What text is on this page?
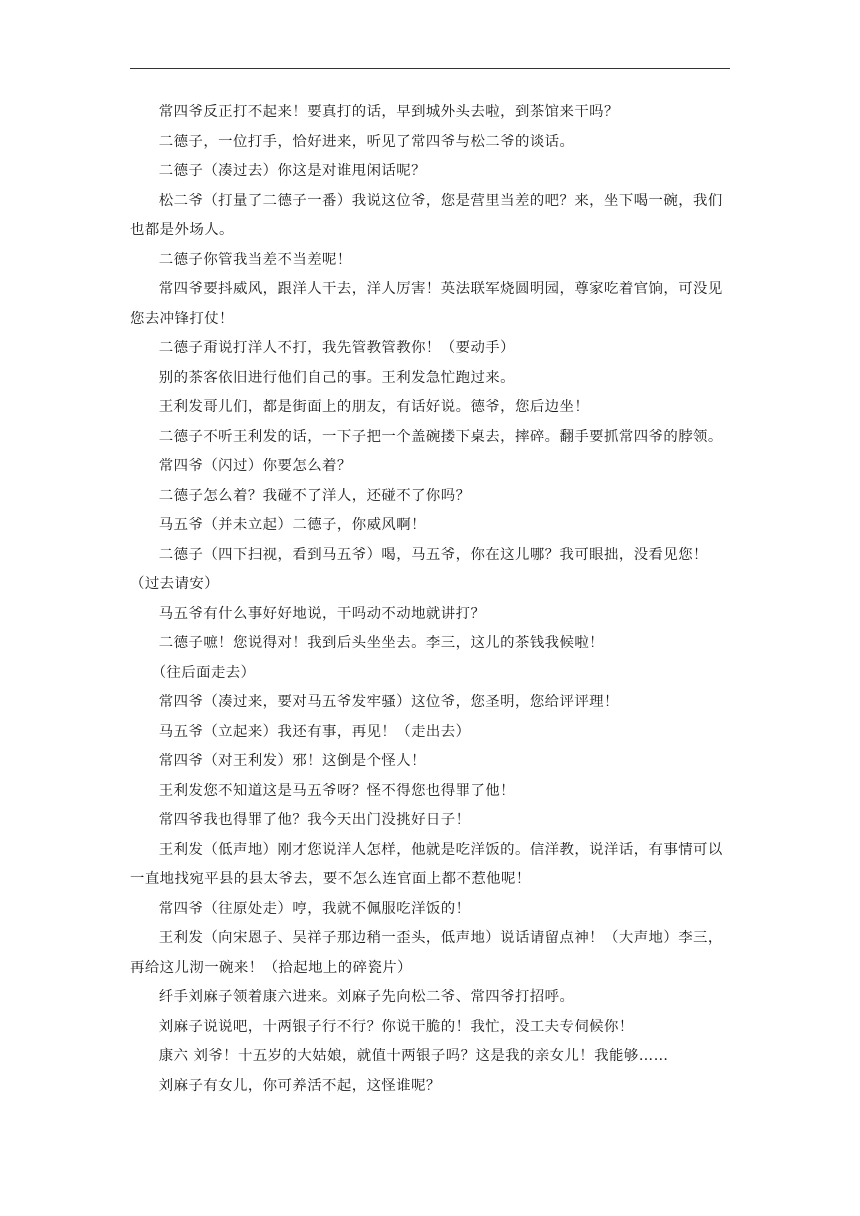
常四爷反正打不起来！要真打的话，早到城外头去啦，到茶馆来干吗？

二德子，一位打手，恰好进来，听见了常四爷与松二爷的谈话。

二德子（凑过去）你这是对谁甩闲话呢？

松二爷（打量了二德子一番）我说这位爷，您是营里当差的吧？来，坐下喝一碗，我们也都是外场人。

二德子你管我当差不当差呢！

常四爷要抖威风，跟洋人干去，洋人厉害！英法联军烧圆明园，尊家吃着官饷，可没见您去冲锋打仗！

二德子甭说打洋人不打，我先管教管教你！（要动手）

别的茶客依旧进行他们自己的事。王利发急忙跑过来。

王利发哥儿们，都是街面上的朋友，有话好说。德爷，您后边坐！

二德子不听王利发的话，一下子把一个盖碗搂下桌去，摔碎。翻手要抓常四爷的脖领。

常四爷（闪过）你要怎么着？

二德子怎么着？我碰不了洋人，还碰不了你吗？

马五爷（并未立起）二德子，你威风啊！

二德子（四下扫视，看到马五爷）喝，马五爷，你在这儿哪？我可眼拙，没看见您！（过去请安）

马五爷有什么事好好地说，干吗动不动地就讲打？

二德子嗻！您说得对！我到后头坐坐去。李三，这儿的茶钱我候啦！

（往后面走去）

常四爷（凑过来，要对马五爷发牢骚）这位爷，您圣明，您给评评理！

马五爷（立起来）我还有事，再见！（走出去）

常四爷（对王利发）邪！这倒是个怪人！

王利发您不知道这是马五爷呀？怪不得您也得罪了他！

常四爷我也得罪了他？我今天出门没挑好日子！

王利发（低声地）刚才您说洋人怎样，他就是吃洋饭的。信洋教，说洋话，有事情可以一直地找宛平县的县太爷去，要不怎么连官面上都不惹他呢！

常四爷（往原处走）哼，我就不佩服吃洋饭的！

王利发（向宋恩子、吴祥子那边稍一歪头，低声地）说话请留点神！（大声地）李三，再给这儿沏一碗来！（拾起地上的碎瓷片）

纤手刘麻子领着康六进来。刘麻子先向松二爷、常四爷打招呼。

刘麻子说说吧，十两银子行不行？你说干脆的！我忙，没工夫专伺候你！

康六 刘爷！十五岁的大姑娘，就值十两银子吗？这是我的亲女儿！我能够……

刘麻子有女儿，你可养活不起，这怪谁呢？
